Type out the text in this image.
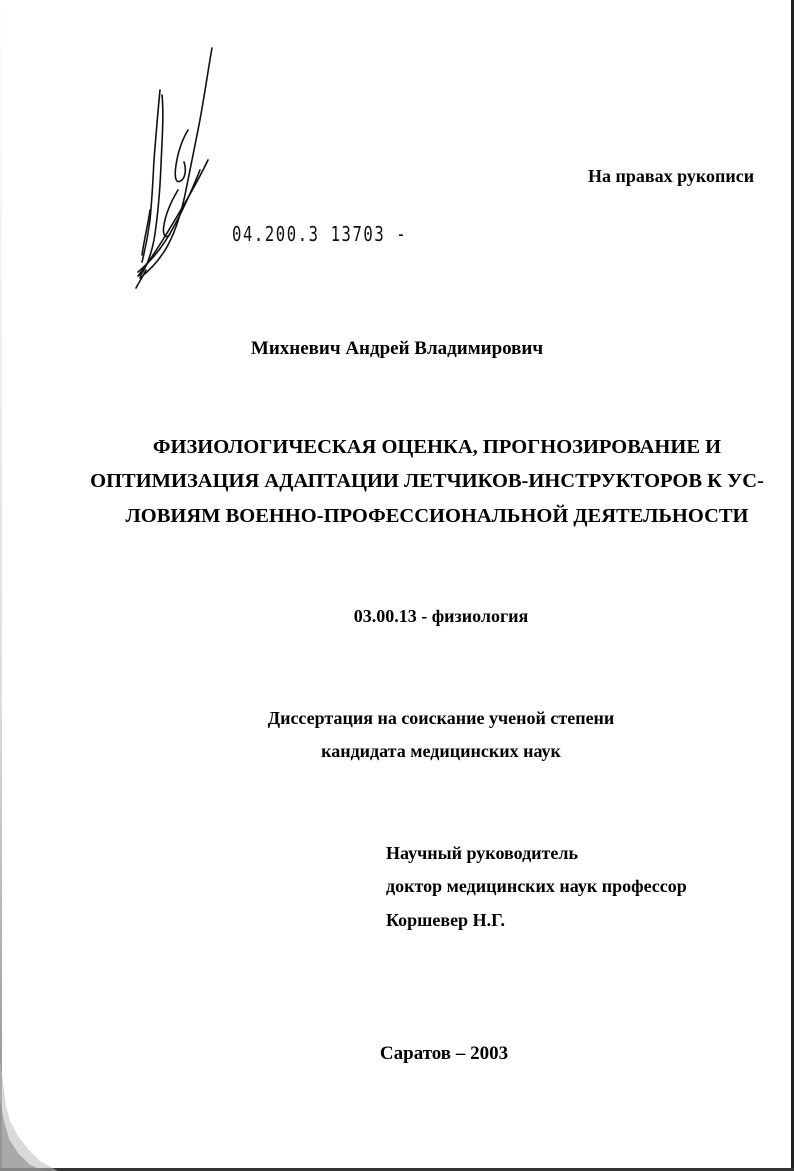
04.200.3 13703 -
На правах рукописи
Михневич Андрей Владимирович
ФИЗИОЛОГИЧЕСКАЯ ОЦЕНКА, ПРОГНОЗИРОВАНИЕ И
ОПТИМИЗАЦИЯ АДАПТАЦИИ ЛЕТЧИКОВ-ИНСТРУКТОРОВ К УС-
ЛОВИЯМ ВОЕННО-ПРОФЕССИОНАЛЬНОЙ ДЕЯТЕЛЬНОСТИ
03.00.13 - физиология
Диссертация на соискание ученой степени
кандидата медицинских наук
Научный руководитель
доктор медицинских наук профессор
Коршевер Н.Г.
Саратов – 2003
